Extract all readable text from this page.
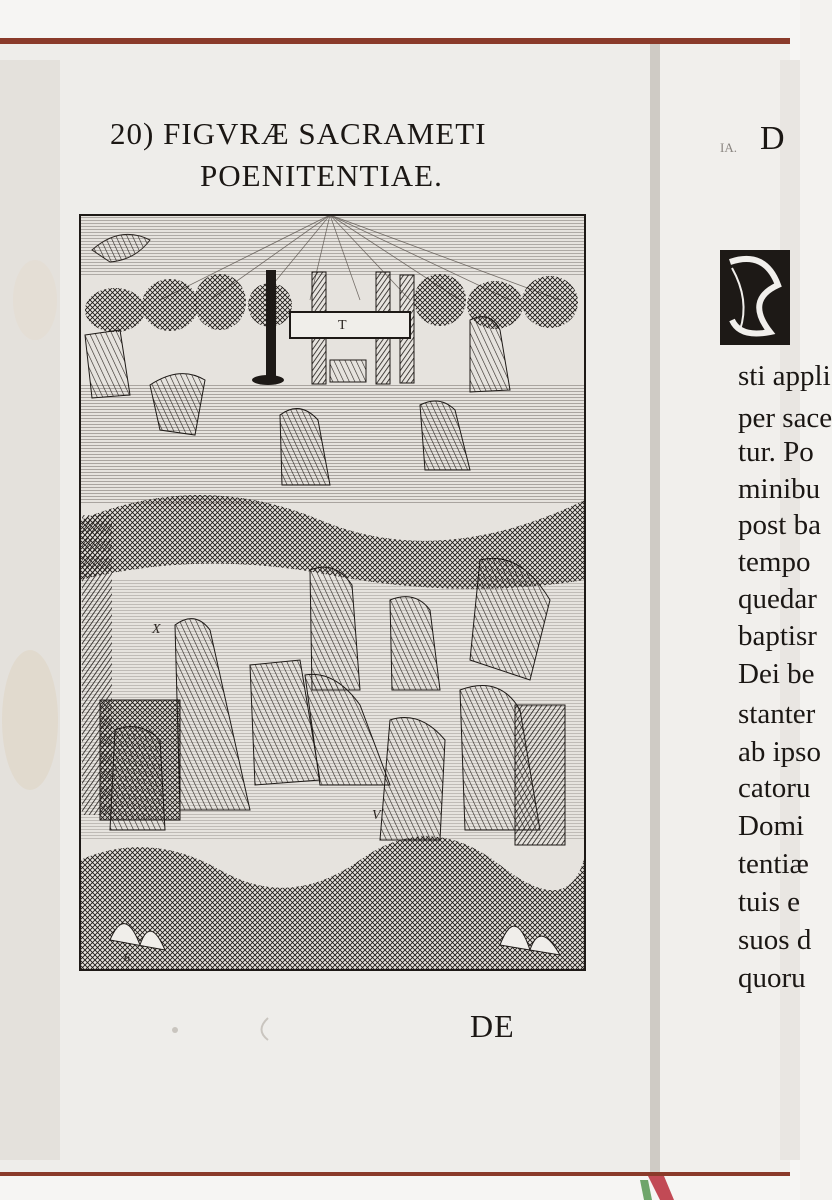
20) FIGVRÆ SACRAMETI
POENITENTIAE.
T
X
V
6
DE
D
IA.
sti appli
per sace
tur. Po
minibu
post ba
tempo
quedar
baptisr
Dei be
stanter
ab ipso
catoru
Domi
tentiæ
tuis e
suos d
quoru
